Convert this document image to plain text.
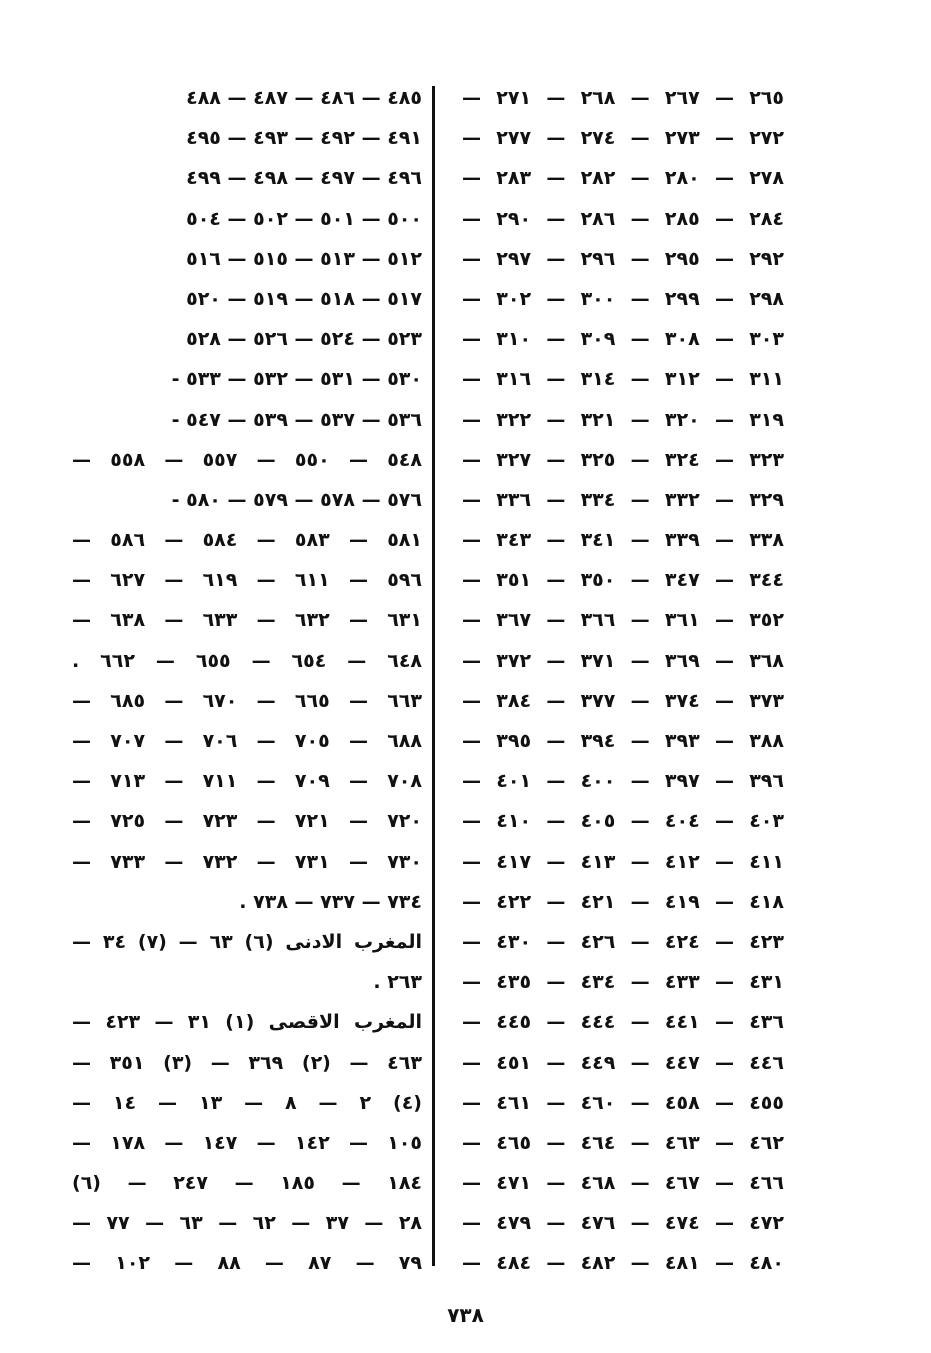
٢٦٥ — ٢٦٧ — ٢٦٨ — ٢٧١ —
٢٧٢ — ٢٧٣ — ٢٧٤ — ٢٧٧ —
٢٧٨ — ٢٨٠ — ٢٨٢ — ٢٨٣ —
٢٨٤ — ٢٨٥ — ٢٨٦ — ٢٩٠ —
٢٩٢ — ٢٩٥ — ٢٩٦ — ٢٩٧ —
٢٩٨ — ٢٩٩ — ٣٠٠ — ٣٠٢ —
٣٠٣ — ٣٠٨ — ٣٠٩ — ٣١٠ —
٣١١ — ٣١٢ — ٣١٤ — ٣١٦ —
٣١٩ — ٣٢٠ — ٣٢١ — ٣٢٢ —
٣٢٣ — ٣٢٤ — ٣٢٥ — ٣٢٧ —
٣٢٩ — ٣٣٢ — ٣٣٤ — ٣٣٦ —
٣٣٨ — ٣٣٩ — ٣٤١ — ٣٤٣ —
٣٤٤ — ٣٤٧ — ٣٥٠ — ٣٥١ —
٣٥٢ — ٣٦١ — ٣٦٦ — ٣٦٧ —
٣٦٨ — ٣٦٩ — ٣٧١ — ٣٧٢ —
٣٧٣ — ٣٧٤ — ٣٧٧ — ٣٨٤ —
٣٨٨ — ٣٩٣ — ٣٩٤ — ٣٩٥ —
٣٩٦ — ٣٩٧ — ٤٠٠ — ٤٠١ —
٤٠٣ — ٤٠٤ — ٤٠٥ — ٤١٠ —
٤١١ — ٤١٢ — ٤١٣ — ٤١٧ —
٤١٨ — ٤١٩ — ٤٢١ — ٤٢٢ —
٤٢٣ — ٤٢٤ — ٤٢٦ — ٤٣٠ —
٤٣١ — ٤٣٣ — ٤٣٤ — ٤٣٥ —
٤٣٦ — ٤٤١ — ٤٤٤ — ٤٤٥ —
٤٤٦ — ٤٤٧ — ٤٤٩ — ٤٥١ —
٤٥٥ — ٤٥٨ — ٤٦٠ — ٤٦١ —
٤٦٢ — ٤٦٣ — ٤٦٤ — ٤٦٥ —
٤٦٦ — ٤٦٧ — ٤٦٨ — ٤٧١ —
٤٧٢ — ٤٧٤ — ٤٧٦ — ٤٧٩ —
٤٨٠ — ٤٨١ — ٤٨٢ — ٤٨٤ —
٤٨٥ — ٤٨٦ — ٤٨٧ — ٤٨٨
٤٩١ — ٤٩٢ — ٤٩٣ — ٤٩٥
٤٩٦ — ٤٩٧ — ٤٩٨ — ٤٩٩
٥٠٠ — ٥٠١ — ٥٠٢ — ٥٠٤
٥١٢ — ٥١٣ — ٥١٥ — ٥١٦
٥١٧ — ٥١٨ — ٥١٩ — ٥٢٠
٥٢٣ — ٥٢٤ — ٥٢٦ — ٥٢٨
٥٣٠ — ٥٣١ — ٥٣٢ — ٥٣٣ -
٥٣٦ — ٥٣٧ — ٥٣٩ — ٥٤٧ -
٥٤٨ — ٥٥٠ — ٥٥٧ — ٥٥٨ —
٥٧٦ — ٥٧٨ — ٥٧٩ — ٥٨٠ -
٥٨١ — ٥٨٣ — ٥٨٤ — ٥٨٦ —
٥٩٦ — ٦١١ — ٦١٩ — ٦٢٧ —
٦٣١ — ٦٣٢ — ٦٣٣ — ٦٣٨ —
٦٤٨ — ٦٥٤ — ٦٥٥ — ٦٦٢ .
٦٦٣ — ٦٦٥ — ٦٧٠ — ٦٨٥ —
٦٨٨ — ٧٠٥ — ٧٠٦ — ٧٠٧ —
٧٠٨ — ٧٠٩ — ٧١١ — ٧١٣ —
٧٢٠ — ٧٢١ — ٧٢٣ — ٧٢٥ —
٧٣٠ — ٧٣١ — ٧٣٢ — ٧٣٣ —
٧٣٤ — ٧٣٧ — ٧٣٨ .
المغرب الادنى (٦) ٦٣ — (٧) ٣٤ —
٢٦٣ .
المغرب الاقصى (١) ٣١ — ٤٢٣ —
٤٦٣ — (٢) ٣٦٩ — (٣) ٣٥١ —
(٤) ٢ — ٨ — ١٣ — ١٤ —
١٠٥ — ١٤٢ — ١٤٧ — ١٧٨ —
١٨٤ — ١٨٥ — ٢٤٧ — (٦)
٢٨ — ٣٧ — ٦٢ — ٦٣ — ٧٧ —
٧٩ — ٨٧ — ٨٨ — ١٠٢ —
٧٣٨
